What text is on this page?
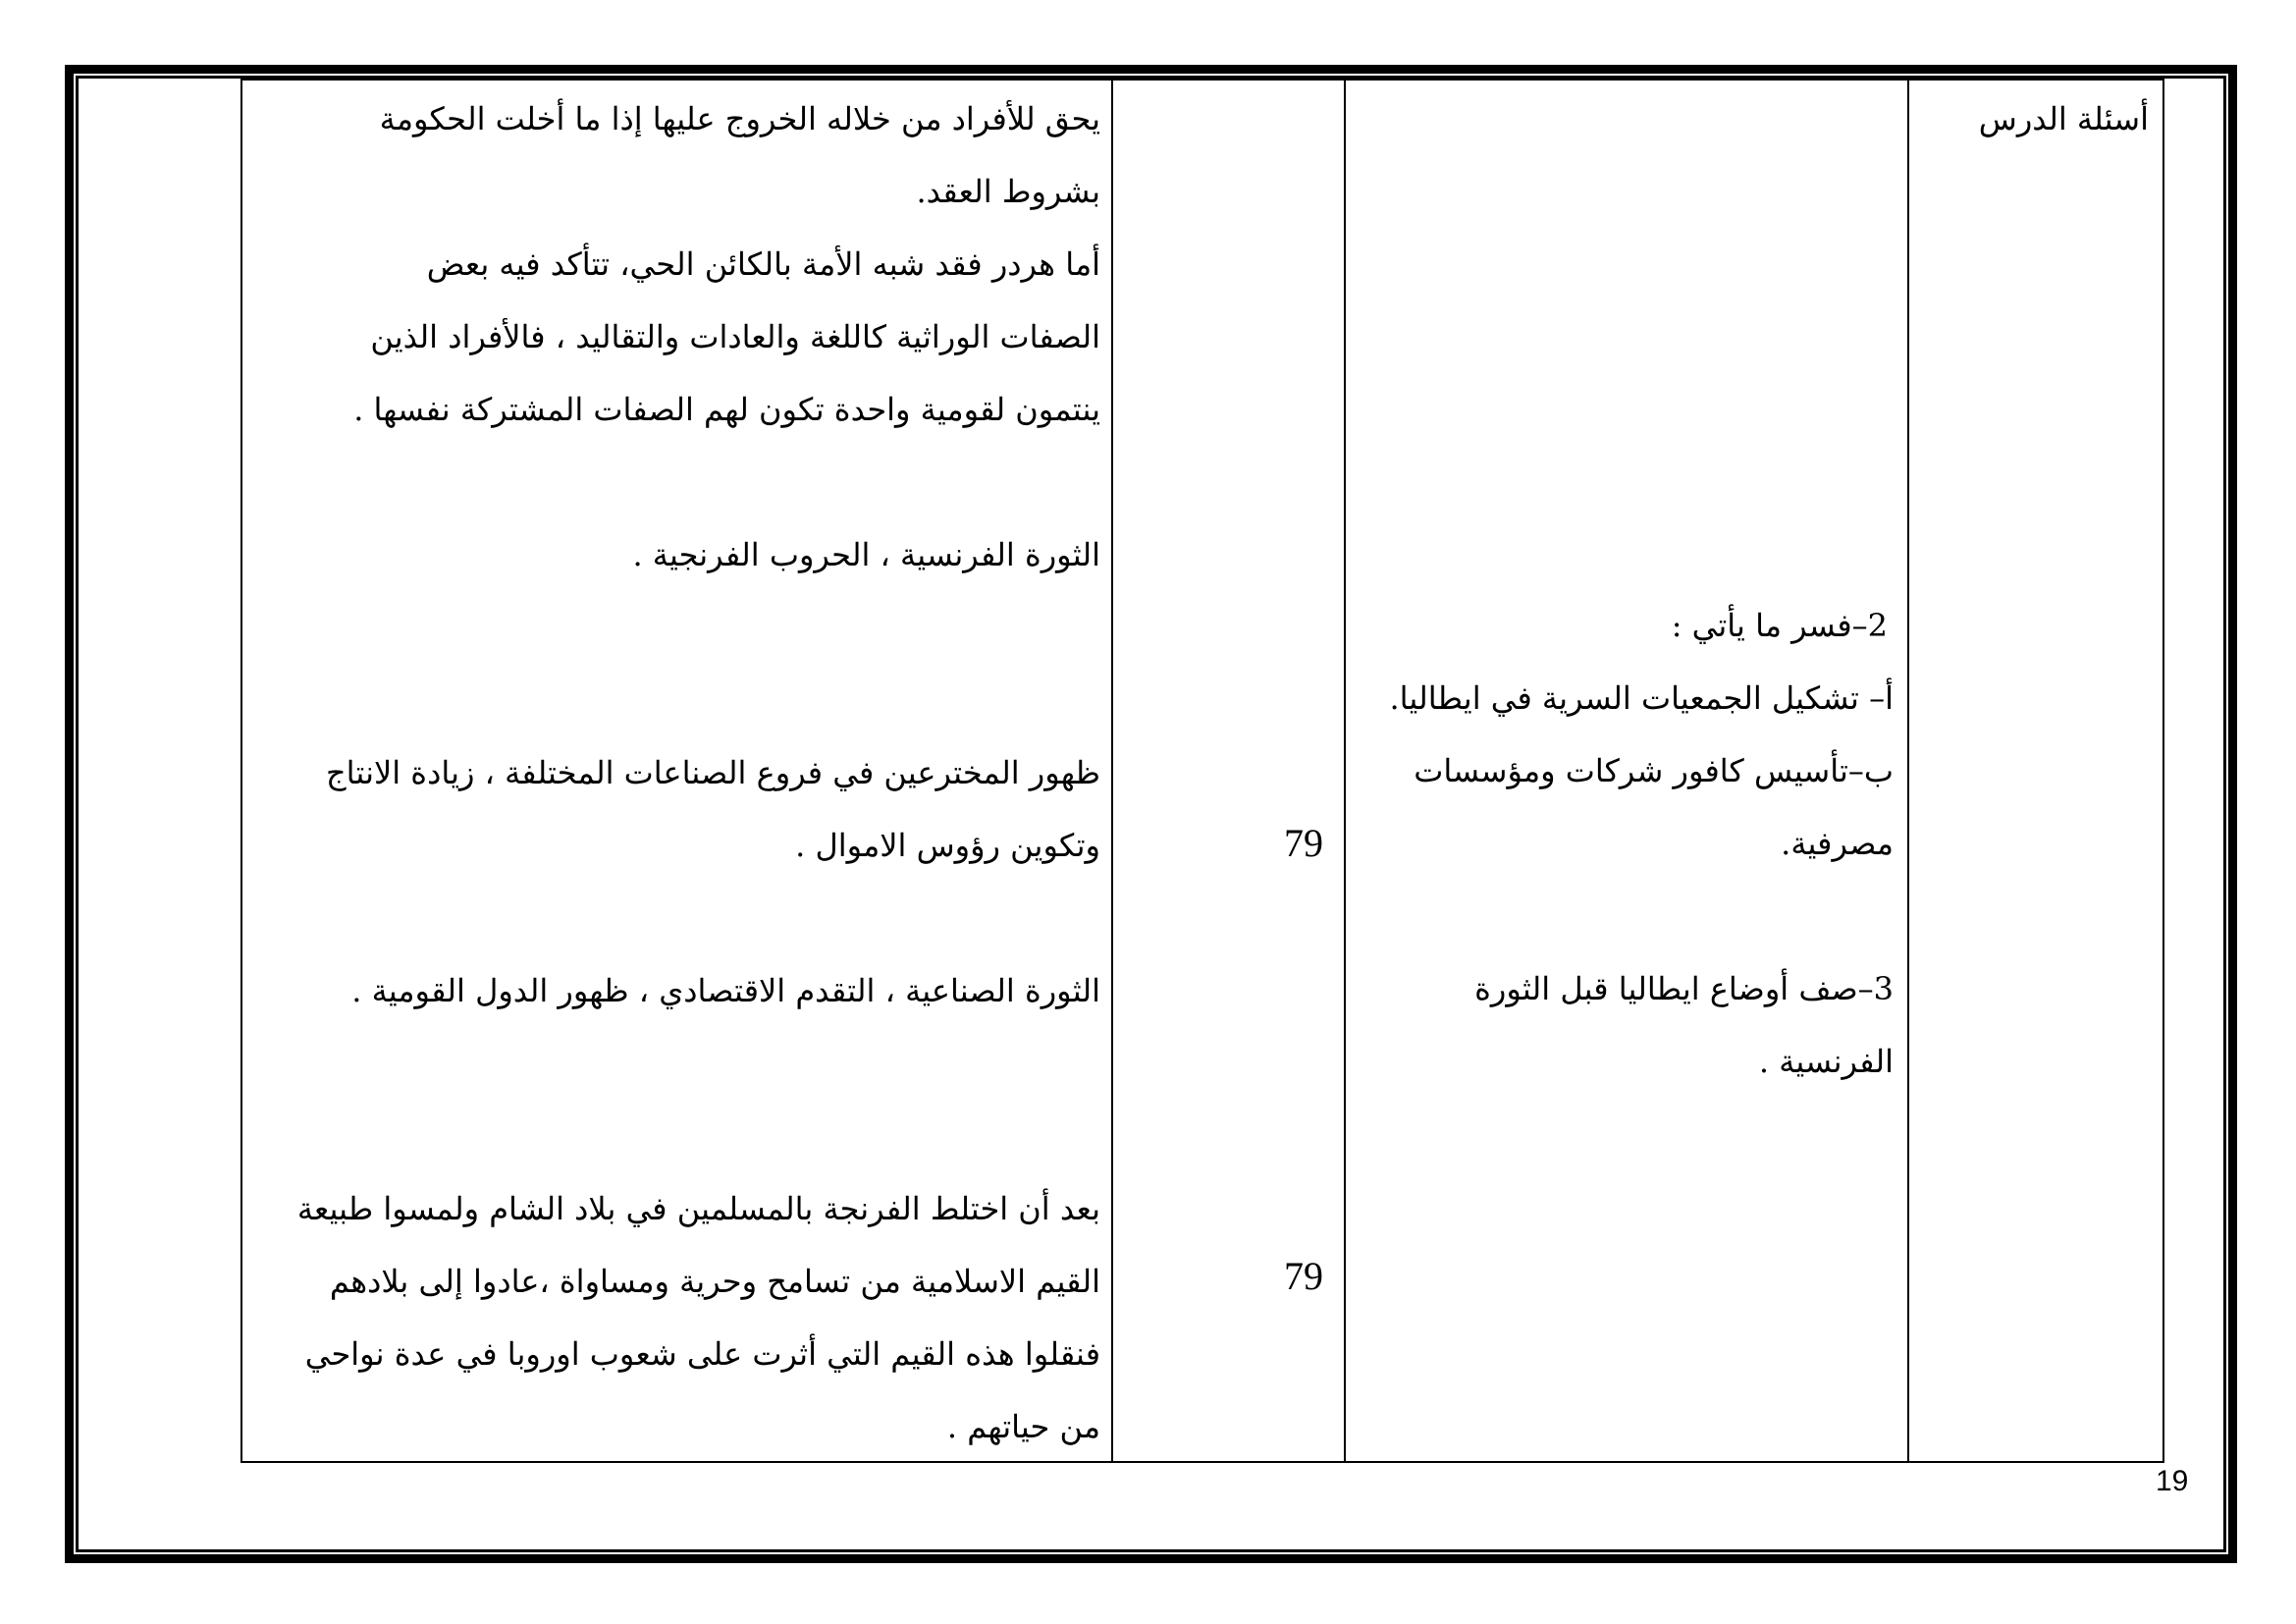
أسئلة الدرس
2–فسر ما يأتي :
أ– تشكيل الجمعيات السرية في ايطاليا.
ب–تأسيس كافور شركات ومؤسسات
مصرفية.
3–صف أوضاع ايطاليا قبل الثورة
الفرنسية .
79
79
يحق للأفراد من خلاله الخروج عليها إذا ما أخلت الحكومة
بشروط العقد.
أما هردر فقد شبه الأمة بالكائن الحي، تتأكد فيه بعض
الصفات الوراثية كاللغة والعادات والتقاليد ، فالأفراد الذين
ينتمون لقومية واحدة تكون لهم الصفات المشتركة نفسها .
الثورة الفرنسية ، الحروب الفرنجية .
ظهور المخترعين في فروع الصناعات المختلفة ، زيادة الانتاج
وتكوين رؤوس الاموال .
الثورة الصناعية ، التقدم الاقتصادي ، ظهور الدول القومية .
بعد أن اختلط الفرنجة بالمسلمين في بلاد الشام ولمسوا طبيعة
القيم الاسلامية من تسامح وحرية ومساواة ،عادوا إلى بلادهم
فنقلوا هذه القيم التي أثرت على شعوب اوروبا في عدة نواحي
من حياتهم .
19
